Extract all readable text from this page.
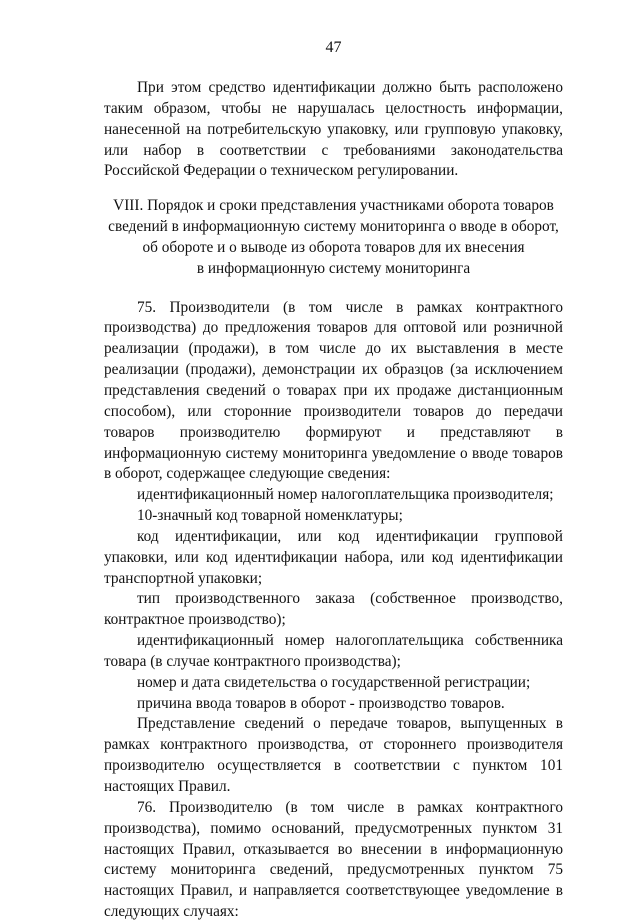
47

При этом средство идентификации должно быть расположено таким образом, чтобы не нарушалась целостность информации, нанесенной на потребительскую упаковку, или групповую упаковку, или набор в соответствии с требованиями законодательства Российской Федерации о техническом регулировании.

VIII. Порядок и сроки представления участниками оборота товаров
сведений в информационную систему мониторинга о вводе в оборот,
об обороте и о выводе из оборота товаров для их внесения
в информационную систему мониторинга

75. Производители (в том числе в рамках контрактного производства) до предложения товаров для оптовой или розничной реализации (продажи), в том числе до их выставления в месте реализации (продажи), демонстрации их образцов (за исключением представления сведений о товарах при их продаже дистанционным способом), или сторонние производители товаров до передачи товаров производителю формируют и представляют в информационную систему мониторинга уведомление о вводе товаров в оборот, содержащее следующие сведения:

идентификационный номер налогоплательщика производителя;

10-значный код товарной номенклатуры;

код идентификации, или код идентификации групповой упаковки, или код идентификации набора, или код идентификации транспортной упаковки;

тип производственного заказа (собственное производство, контрактное производство);

идентификационный номер налогоплательщика собственника товара (в случае контрактного производства);

номер и дата свидетельства о государственной регистрации;

причина ввода товаров в оборот - производство товаров.

Представление сведений о передаче товаров, выпущенных в рамках контрактного производства, от стороннего производителя производителю осуществляется в соответствии с пунктом 101 настоящих Правил.

76. Производителю (в том числе в рамках контрактного производства), помимо оснований, предусмотренных пунктом 31 настоящих Правил, отказывается во внесении в информационную систему мониторинга сведений, предусмотренных пунктом 75 настоящих Правил, и направляется соответствующее уведомление в следующих случаях:
